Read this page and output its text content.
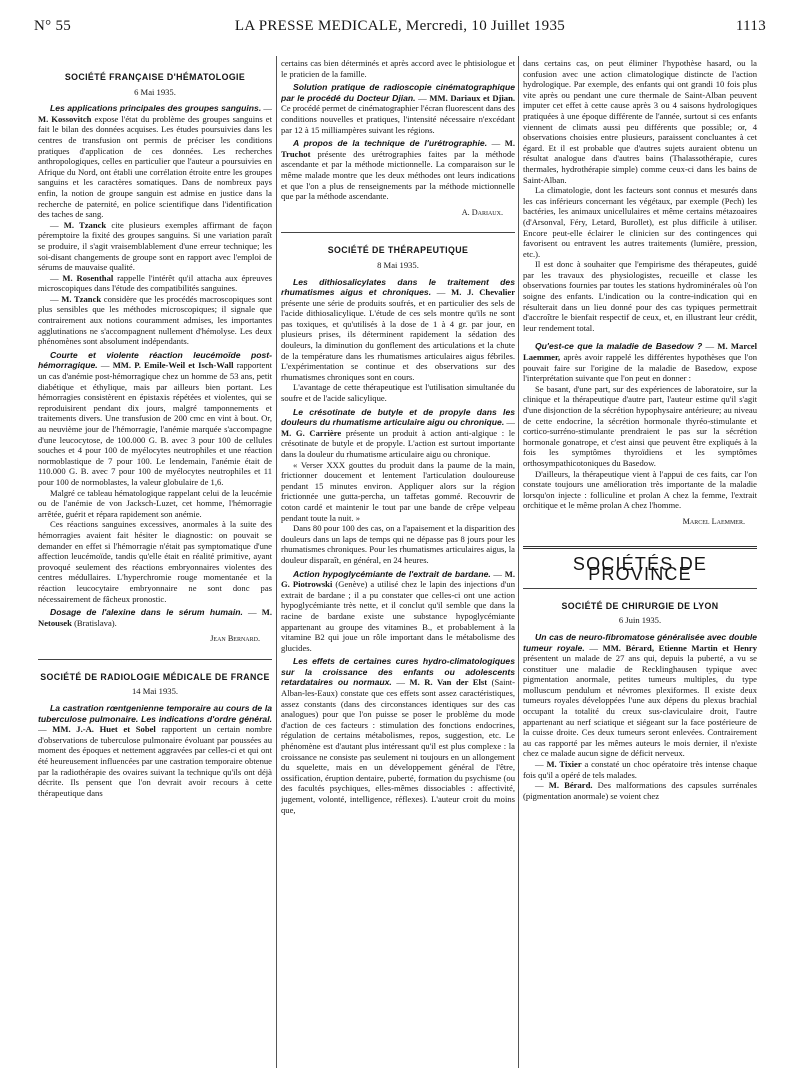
N° 55	LA PRESSE MEDICALE, Mercredi, 10 Juillet 1935	1113
SOCIÉTÉ FRANÇAISE D'HÉMATOLOGIE
6 Mai 1935.

Les applications principales des groupes sanguins. — M. Kossovitch expose l'état du problème des groupes sanguins et fait le bilan des données acquises. Les études poursuivies dans les centres de transfusion ont permis de préciser les conditions pratiques d'application de ces données. Les recherches anthropologiques, celles en particulier que l'auteur a poursuivies en Afrique du Nord, ont établi une corrélation étroite entre les groupes sanguins et les caractères somatiques. Dans de nombreux pays enfin, la notion de groupe sanguin est admise en justice dans la recherche de paternité, en police scientifique dans l'identification des taches de sang.

— M. Tzanck cite plusieurs exemples affirmant de façon péremptoire la fixité des groupes sanguins. Si une variation paraît se produire, il s'agit vraisemblablement d'une erreur technique; les soi-disant changements de groupe sont en rapport avec l'emploi de sérums de mauvaise qualité.

— M. Rosenthal rappelle l'intérêt qu'il attacha aux épreuves microscopiques dans l'étude des compatibilités sanguines.

— M. Tzanck considère que les procédés macroscopiques sont plus sensibles que les méthodes microscopiques; il signale que contrairement aux notions couramment admises, les importantes agglutinations ne s'accompagnent nullement d'hémolyse. Les deux phénomènes sont absolument indépendants.

Courte et violente réaction leucémoïde post-hémorragique. — MM. P. Emile-Weil et Isch-Wall rapportent un cas d'anémie post-hémorragique chez un homme de 53 ans, petit diabétique et éthylique, mais par ailleurs bien portant. Les hémorragies consistèrent en épistaxis répétées et violentes, qui se reproduisirent pendant dix jours, malgré tamponnements et traitements divers. Une transfusion de 200 cmc en vint à bout. Or, au neuvième jour de l'hémorragie, l'anémie marquée s'accompagne d'une leucocytose, de 100.000 G. B. avec 3 pour 100 de cellules souches et 4 pour 100 de myélocytes neutrophiles et une réaction normoblastique de 7 pour 100. Le lendemain, l'anémie était de 110.000 G. B. avec 7 pour 100 de myélocytes neutrophiles et 11 pour 100 de normoblastes, la valeur globulaire de 1,6.

Malgré ce tableau hématologique rappelant celui de la leucémie ou de l'anémie de von Jacksch-Luzet, cet homme, l'hémorragie arrêtée, guérit et répara rapidement son anémie.

Ces réactions sanguines excessives, anormales à la suite des hémorragies avaient fait hésiter le diagnostic: on pouvait se demander en effet si l'hémorragie n'était pas symptomatique d'une affection leucémoïde, tandis qu'elle était en réalité primitive, ayant provoqué seulement des réactions embryonnaires violentes des centres médullaires. L'hyperchromie rouge momentanée et la réaction leucocytaire embryonnaire ne sont donc pas nécessairement de fâcheux pronostic.

Dosage de l'alexine dans le sérum humain. — M. Netousek (Bratislava).

Jean Bernard.
SOCIÉTÉ DE RADIOLOGIE MÉDICALE DE FRANCE
14 Mai 1935.

La castration rœntgenienne temporaire au cours de la tuberculose pulmonaire. Les indications d'ordre général. — MM. J.-A. Huet et Sobel rapportent un certain nombre d'observations de tuberculose pulmonaire évoluant par poussées au moment des époques et nettement aggravées par celles-ci et qui ont été heureusement influencées par une castration temporaire obtenue par la radiothérapie des ovaires suivant la technique qu'ils ont déjà décrite. Ils pensent que l'on devrait avoir recours à cette thérapeutique dans

certains cas bien déterminés et après accord avec le phtisiologue et le praticien de la famille.

Solution pratique de radioscopie cinématographique par le procédé du Docteur Djian. — MM. Dariaux et Djian. Ce procédé permet de cinématographier l'écran fluorescent dans des conditions nouvelles et pratiques, l'intensité nécessaire n'excédant par 12 à 15 milliampères suivant les régions.

A propos de la technique de l'urétrographie. — M. Truchot présente des urétrographies faites par la méthode ascendante et par la méthode mictionnelle. La comparaison sur le même malade montre que les deux méthodes ont leurs indications et que l'on a plus de renseignements par la méthode mictionnelle que par la méthode ascendante.

A. Dariaux.
SOCIÉTÉ DE THÉRAPEUTIQUE
8 Mai 1935.

Les dithiosalicylates dans le traitement des rhumatismes aigus et chroniques. — M. J. Chevalier présente une série de produits soufrés, et en particulier des sels de l'acide dithiosalicylique. L'étude de ces sels montre qu'ils ne sont pas toxiques, et qu'utilisés à la dose de 1 à 4 gr. par jour, en plusieurs prises, ils déterminent rapidement la sédation des douleurs, la diminution du gonflement des articulations et la chute de la température dans les rhumatismes articulaires aigus fébriles. L'expérimentation se continue et des observations sur des rhumatismes chroniques sont en cours.

L'avantage de cette thérapeutique est l'utilisation simultanée du soufre et de l'acide salicylique.

Le crésotinate de butyle et de propyle dans les douleurs du rhumatisme articulaire aigu ou chronique. — M. G. Carrière présente un produit à action anti-algique : le crésotinate de butyle et de propyle. L'action est surtout importante dans la douleur du rhumatisme articulaire aigu ou chronique.

« Verser XXX gouttes du produit dans la paume de la main, frictionner doucement et lentement l'articulation douloureuse pendant 15 minutes environ. Appliquer alors sur la région frictionnée une gutta-percha, un taffetas gommé. Recouvrir de coton cardé et maintenir le tout par une bande de crêpe velpeau pendant toute la nuit. »

Dans 80 pour 100 des cas, on a l'apaisement et la disparition des douleurs dans un laps de temps qui ne dépasse pas 8 jours pour les rhumatismes chroniques. Pour les rhumatismes articulaires aigus, la douleur disparaît, en général, en 24 heures.

Action hypoglycémiante de l'extrait de bardane. — M. G. Piotrowski (Genève) a utilisé chez le lapin des injections d'un extrait de bardane ; il a pu constater que celles-ci ont une action hypoglycémiante très nette, et il conclut qu'il semble que dans la racine de bardane existe une substance hypoglycémiante appartenant au groupe des vitamines B., et probablement à la vitamine B2 qui joue un rôle important dans le métabolisme des glucides.

Les effets de certaines cures hydro-climatologiques sur la croissance des enfants ou adolescents retardataires ou normaux. — M. R. Van der Elst (Saint-Alban-les-Eaux) constate que ces effets sont assez caractéristiques, assez constants (dans des circonstances identiques sur des cas analogues) pour que l'on puisse se poser le problème du mode d'action de ces facteurs : stimulation des fonctions endocrines, régulation de certains métabolismes, repos, suggestion, etc. Le phénomène est d'autant plus intéressant qu'il est plus complexe : la croissance ne consiste pas seulement ni toujours en un allongement du squelette, mais en un développement général de l'être, ossification, éruption dentaire, puberté, formation du psychisme (ou des facultés psychiques, elles-mêmes dissociables : affectivité, jugement, volonté, intelligence, réflexes). L'auteur croit du moins que,

dans certains cas, on peut éliminer l'hypothèse hasard, ou la confusion avec une action climatologique distincte de l'action hydrologique. Par exemple, des enfants qui ont grandi 10 fois plus vite après ou pendant une cure thermale de Saint-Alban peuvent imputer cet effet à cette cause après 3 ou 4 saisons hydrologiques pratiquées à une époque différente de l'année, surtout si ces enfants viennent de climats aussi peu différents que possible; or, 4 observations choisies entre plusieurs, paraissent concluantes à cet égard. Et il est probable que d'autres sujets auraient obtenu un résultat analogue dans d'autres bains (Thalassothérapie, cures thermales, hydrothérapie simple) comme ceux-ci dans les bains de Saint-Alban.

La climatologie, dont les facteurs sont connus et mesurés dans les cas inférieurs concernant les végétaux, par exemple (Pech) les bactéries, les animaux unicellulaires et même certains métazoaires (d'Arsonval, Féry, Letard, Burollet), est plus difficile à utiliser. Encore peut-elle éclairer le clinicien sur des contingences qui favorisent ou entravent les autres traitements (lumière, pression, etc.).

Il est donc à souhaiter que l'empirisme des thérapeutes, guidé par les travaux des physiologistes, recueille et classe les observations fournies par toutes les stations hydrominérales où l'on soigne des enfants. L'indication ou la contre-indication qui en résulterait dans un lieu donné pour des cas typiques permettrait d'accroître le bienfait respectif de ceux, et, en illustrant leur crédit, leur rendement total.

Qu'est-ce que la maladie de Basedow ? — M. Marcel Laemmer, après avoir rappelé les différentes hypothèses que l'on pouvait faire sur l'origine de la maladie de Basedow, expose l'interprétation suivante que l'on peut en donner :

Se basant, d'une part, sur des expériences de laboratoire, sur la clinique et la thérapeutique d'autre part, l'auteur estime qu'il s'agit d'une disjonction de la sécrétion hypophysaire antérieure; au niveau de cette endocrine, la sécrétion hormonale thyréo-stimulante et cortico-surréno-stimulante prendraient le pas sur la sécrétion hormonale gonatrope, et c'est ainsi que peuvent être expliqués à la fois les symptômes thyroïdiens et les symptômes orthosympathicotoniques du Basedow.

D'ailleurs, la thérapeutique vient à l'appui de ces faits, car l'on constate toujours une amélioration très importante de la maladie lorsqu'on injecte : folliculine et prolan A chez la femme, l'extrait orchitique et le même prolan A chez l'homme.

Marcel Laemmer.
SOCIÉTÉS DE PROVINCE
SOCIÉTÉ DE CHIRURGIE DE LYON
6 Juin 1935.

Un cas de neuro-fibromatose généralisée avec double tumeur royale. — MM. Bérard, Etienne Martin et Henry présentent un malade de 27 ans qui, depuis la puberté, a vu se constituer une maladie de Recklinghausen typique avec pigmentation anormale, petites tumeurs multiples, du type molluscum pendulum et névromes plexiformes. Il existe deux tumeurs royales développées l'une aux dépens du plexus brachial occupant la totalité du creux sus-claviculaire droit, l'autre appartenant au nerf sciatique et siégeant sur la face postérieure de la cuisse droite. Ces deux tumeurs seront enlevées. Contrairement au cas rapporté par les mêmes auteurs le mois dernier, il n'existe chez ce malade aucun signe de déficit nerveux.

— M. Tixier a constaté un choc opératoire très intense chaque fois qu'il a opéré de tels malades.

— M. Bérard. Des malformations des capsules surrénales (pigmentation anormale) se voient chez
